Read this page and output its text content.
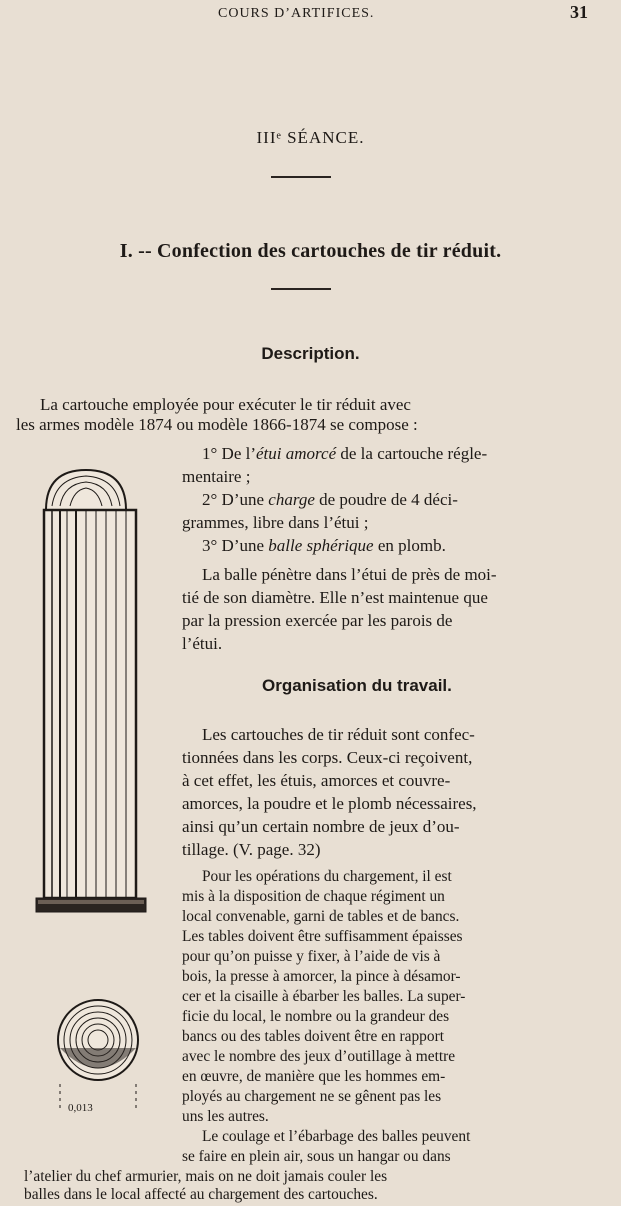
COURS D’ARTIFICES.	31
IIIᵉ SÉANCE.
I. -- Confection des cartouches de tir réduit.
Description.
La cartouche employée pour exécuter le tir réduit avec
les armes modèle 1874 ou modèle 1866-1874 se compose :
1° De l’étui amorcé de la cartouche régle-
mentaire ;
2° D’une charge de poudre de 4 déci-
grammes, libre dans l’étui ;
3° D’une balle sphérique en plomb.
La balle pénètre dans l’étui de près de moi-
tié de son diamètre. Elle n’est maintenue que
par la pression exercée par les parois de
l’étui.
Organisation du travail.
Les cartouches de tir réduit sont confec-
tionnées dans les corps. Ceux-ci reçoivent,
à cet effet, les étuis, amorces et couvre-
amorces, la poudre et le plomb nécessaires,
ainsi qu’un certain nombre de jeux d’ou-
tillage. (V. page. 32)
Pour les opérations du chargement, il est
mis à la disposition de chaque régiment un
local convenable, garni de tables et de bancs.
Les tables doivent être suffisamment épaisses
pour qu’on puisse y fixer, à l’aide de vis à
bois, la presse à amorcer, la pince à désamor-
cer et la cisaille à ébarber les balles. La super-
ficie du local, le nombre ou la grandeur des
bancs ou des tables doivent être en rapport
avec le nombre des jeux d’outillage à mettre
en œuvre, de manière que les hommes em-
ployés au chargement ne se gênent pas les
uns les autres.
Le coulage et l’ébarbage des balles peuvent
se faire en plein air, sous un hangar ou dans
l’atelier du chef armurier, mais on ne doit jamais couler les
balles dans le local affecté au chargement des cartouches.
0,013
